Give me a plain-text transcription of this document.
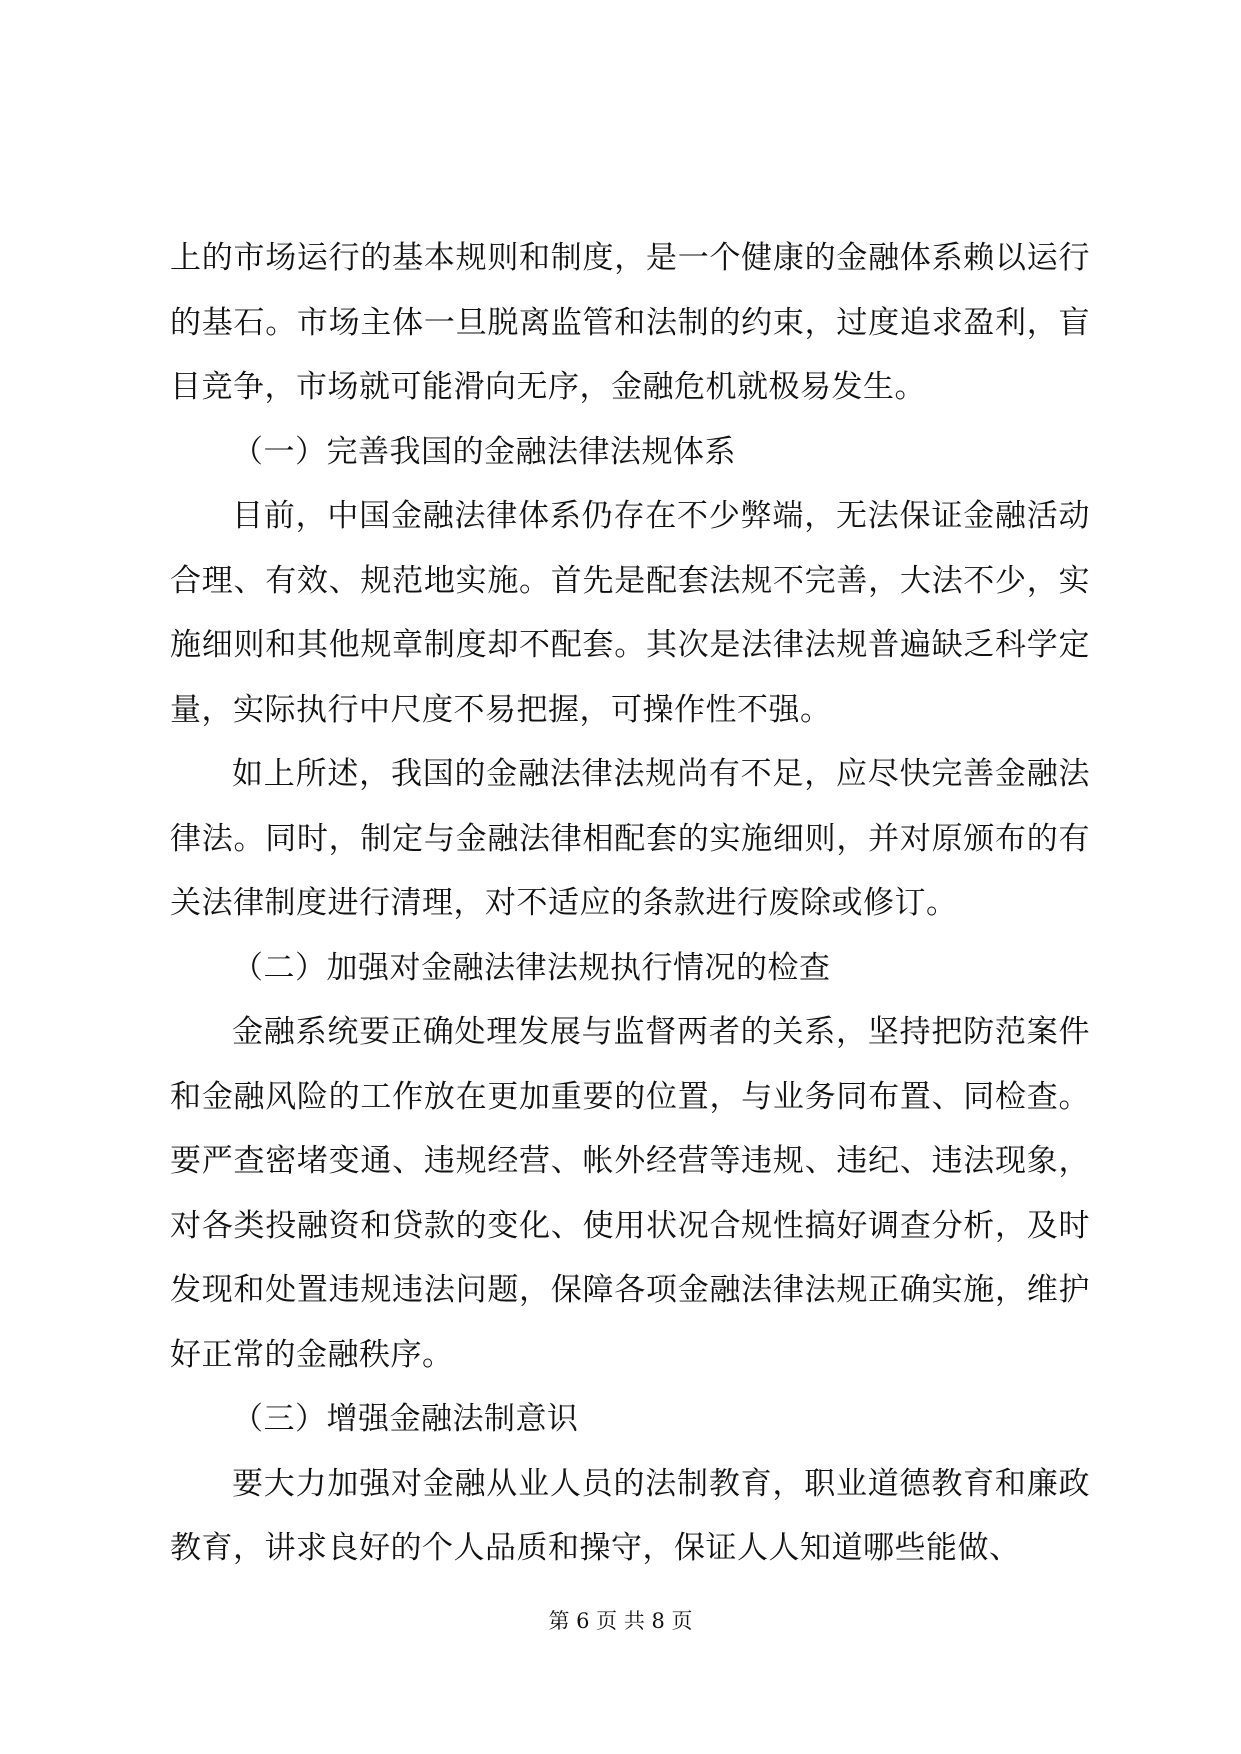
上的市场运行的基本规则和制度，是一个健康的金融体系赖以运行的基石。市场主体一旦脱离监管和法制的约束，过度追求盈利，盲目竞争，市场就可能滑向无序，金融危机就极易发生。

（一）完善我国的金融法律法规体系

目前，中国金融法律体系仍存在不少弊端，无法保证金融活动合理、有效、规范地实施。首先是配套法规不完善，大法不少，实施细则和其他规章制度却不配套。其次是法律法规普遍缺乏科学定量，实际执行中尺度不易把握，可操作性不强。

如上所述，我国的金融法律法规尚有不足，应尽快完善金融法律法。同时，制定与金融法律相配套的实施细则，并对原颁布的有关法律制度进行清理，对不适应的条款进行废除或修订。

（二）加强对金融法律法规执行情况的检查

金融系统要正确处理发展与监督两者的关系，坚持把防范案件和金融风险的工作放在更加重要的位置，与业务同布置、同检查。要严查密堵变通、违规经营、帐外经营等违规、违纪、违法现象，对各类投融资和贷款的变化、使用状况合规性搞好调查分析，及时发现和处置违规违法问题，保障各项金融法律法规正确实施，维护好正常的金融秩序。

（三）增强金融法制意识

要大力加强对金融从业人员的法制教育，职业道德教育和廉政教育，讲求良好的个人品质和操守，保证人人知道哪些能做、

第 6 页 共 8 页
